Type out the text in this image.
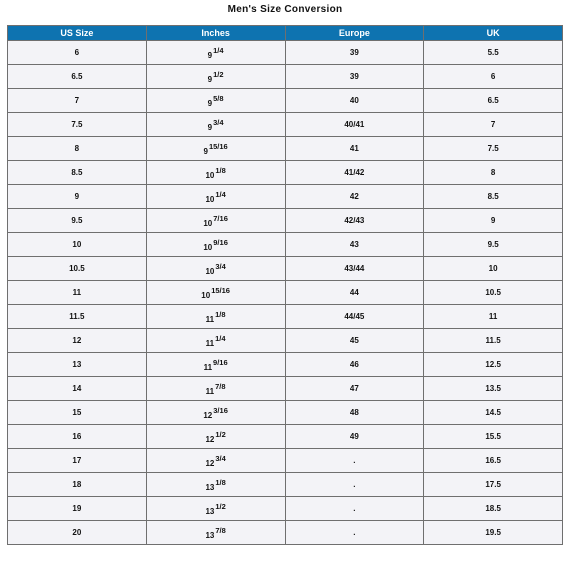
Men's Size Conversion
US Size	Inches	Europe	UK
6	91/4	39	5.5
6.5	91/2	39	6
7	95/8	40	6.5
7.5	93/4	40/41	7
8	915/16	41	7.5
8.5	101/8	41/42	8
9	101/4	42	8.5
9.5	107/16	42/43	9
10	109/16	43	9.5
10.5	103/4	43/44	10
11	1015/16	44	10.5
11.5	111/8	44/45	11
12	111/4	45	11.5
13	119/16	46	12.5
14	117/8	47	13.5
15	123/16	48	14.5
16	121/2	49	15.5
17	123/4	.	16.5
18	131/8	.	17.5
19	131/2	.	18.5
20	137/8	.	19.5
